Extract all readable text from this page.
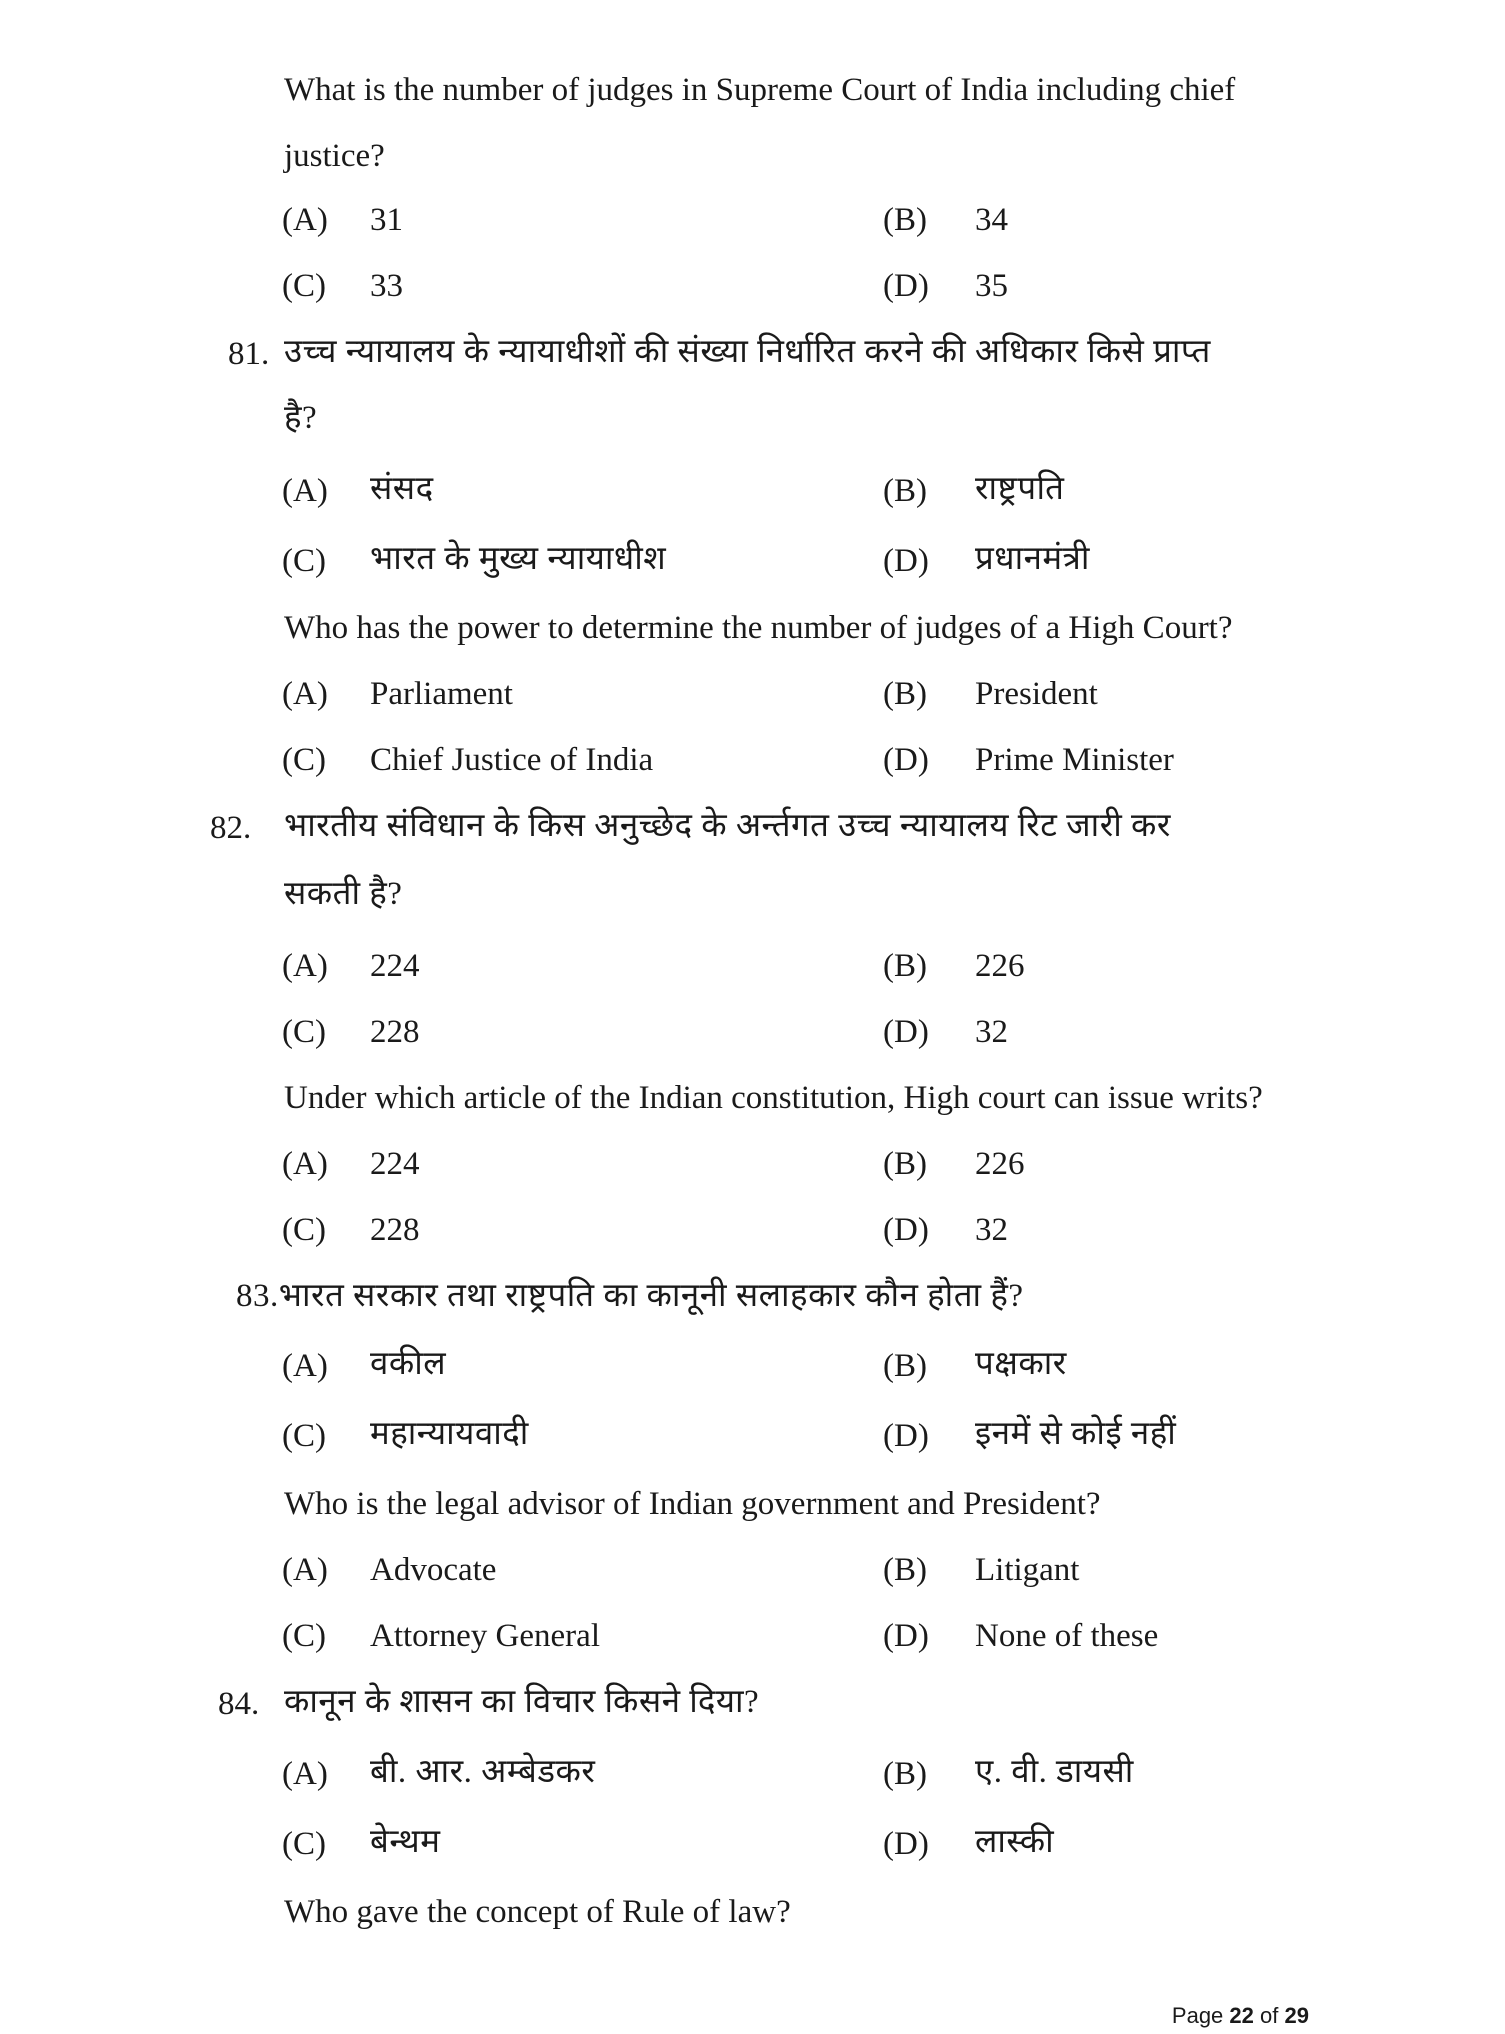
What is the number of judges in Supreme Court of India including chief
justice?
(A) 31	(B) 34
(C) 33	(D) 35
81. उच्च न्यायालय के न्यायाधीशों की संख्या निर्धारित करने की अधिकार किसे प्राप्त
है?
(A) संसद	(B) राष्ट्रपति
(C) भारत के मुख्य न्यायाधीश	(D) प्रधानमंत्री
Who has the power to determine the number of judges of a High Court?
(A) Parliament	(B) President
(C) Chief Justice of India	(D) Prime Minister
82. भारतीय संविधान के किस अनुच्छेद के अर्न्तगत उच्च न्यायालय रिट जारी कर
सकती है?
(A) 224	(B) 226
(C) 228	(D) 32
Under which article of the Indian constitution, High court can issue writs?
(A) 224	(B) 226
(C) 228	(D) 32
83.भारत सरकार तथा राष्ट्रपति का कानूनी सलाहकार कौन होता हैं?
(A) वकील	(B) पक्षकार
(C) महान्यायवादी	(D) इनमें से कोई नहीं
Who is the legal advisor of Indian government and President?
(A) Advocate	(B) Litigant
(C) Attorney General	(D) None of these
84. कानून के शासन का विचार किसने दिया?
(A) बी. आर. अम्बेडकर	(B) ए. वी. डायसी
(C) बेन्थम	(D) लास्की
Who gave the concept of Rule of law?
Page 22 of 29
